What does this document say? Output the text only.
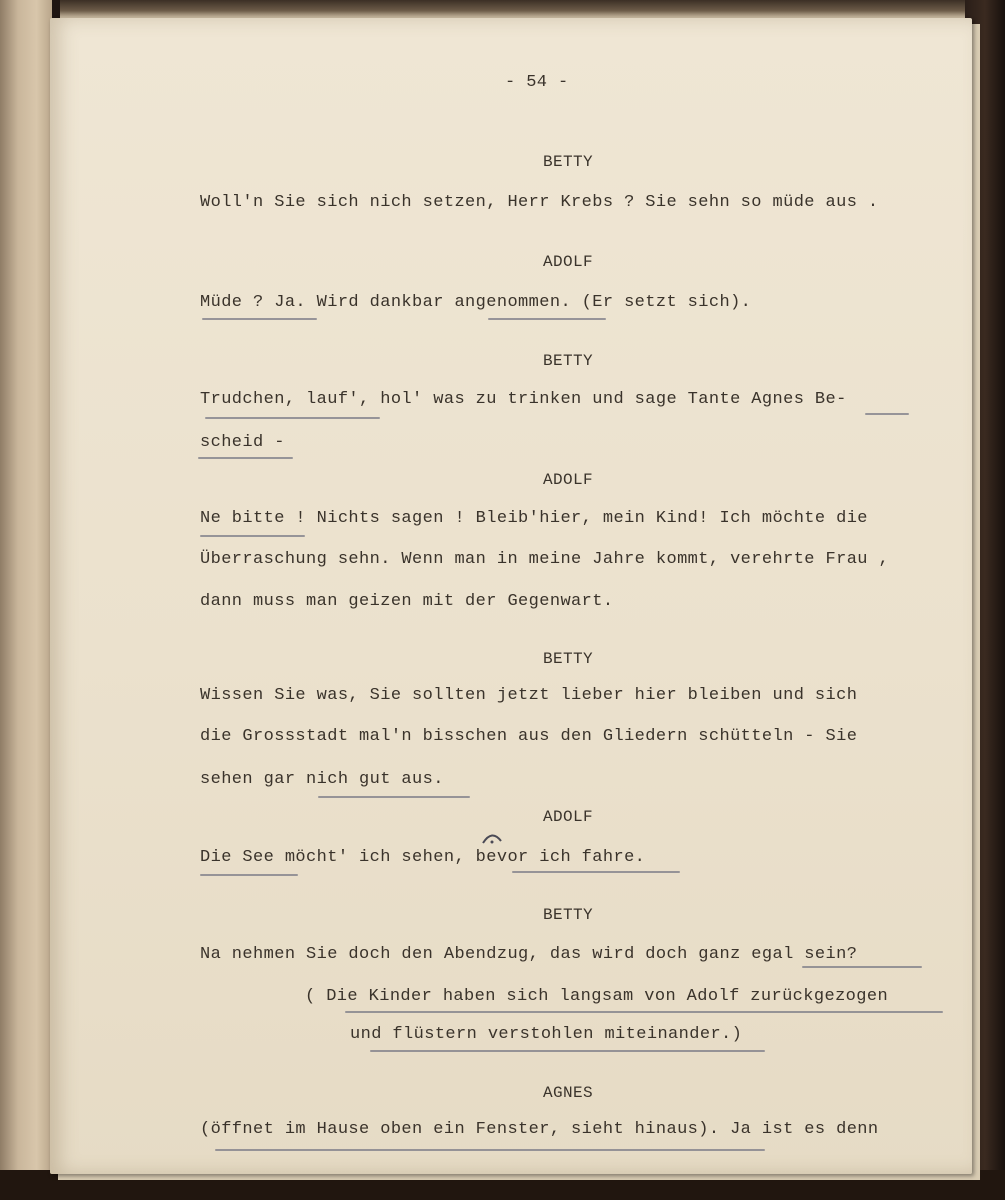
- 54 -
BETTY
Woll'n Sie sich nich setzen, Herr Krebs ? Sie sehn so müde aus .
ADOLF
Müde ? Ja. Wird dankbar angenommen. (Er setzt sich).
BETTY
Trudchen, lauf', hol' was zu trinken und sage Tante Agnes Be-
scheid -
ADOLF
Ne bitte ! Nichts sagen ! Bleib'hier, mein Kind! Ich möchte die
Überraschung sehn. Wenn man in meine Jahre kommt, verehrte Frau ,
dann muss man geizen mit der Gegenwart.
BETTY
Wissen Sie was, Sie sollten jetzt lieber hier bleiben und sich
die Grossstadt mal'n bisschen aus den Gliedern schütteln - Sie
sehen gar nich gut aus.
ADOLF
Die See möcht' ich sehen, bevor ich fahre.
BETTY
Na nehmen Sie doch den Abendzug, das wird doch ganz egal sein?
( Die Kinder haben sich langsam von Adolf zurückgezogen
und flüstern verstohlen miteinander.)
AGNES
(öffnet im Hause oben ein Fenster, sieht hinaus). Ja ist es denn
